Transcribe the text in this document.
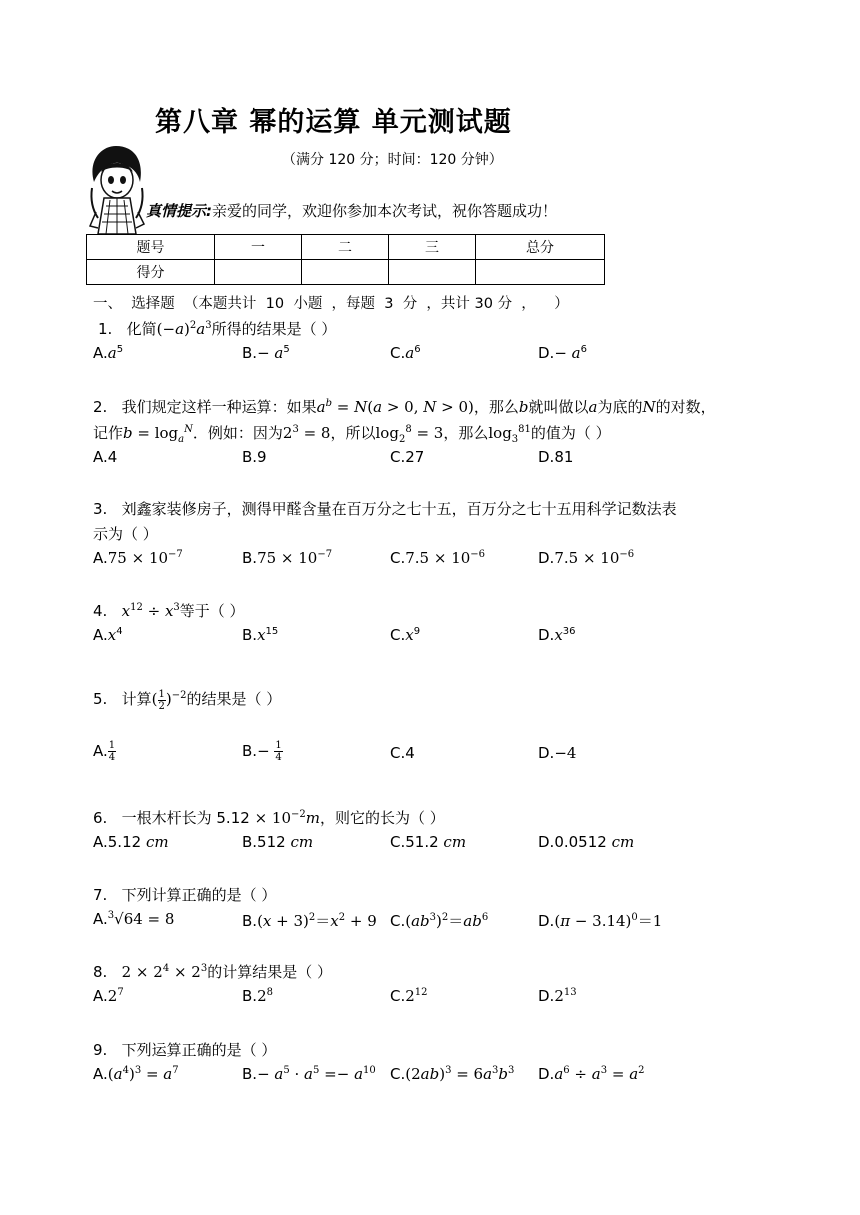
第八章 幂的运算 单元测试题
（满分 120 分；时间：120 分钟）
真情提示:亲爱的同学，欢迎你参加本次考试，祝你答题成功！
题号	一	二	三	总分
得分				
一、  选择题  （本题共计  10  小题  ，每题  3  分  ，共计 30 分  ，    ）
1. 化简$(-a)^2a^3$所得的结果是（ ）
$A.a^5$	$B.- a^5$	$C.a^6$	$D.- a^6$
2. 我们规定这样一种运算：如果$a^b = N(a > 0$, N > 0)，那么b就叫做以a为底的N的对数，
记作$b = \log_a^N$．例如：因为$2^3 = 8$，所以$\log_2^8 = 3$，那么$\log_3^{81}$的值为（ ）
A.4	B.9	C.27	D.81
3. 刘鑫家装修房子，测得甲醛含量在百万分之七十五，百万分之七十五用科学记数法表
示为（ ）
$A.75 \times 10^{-7}$	$B.75 \times 10^{-7}$	$C.7.5 \times 10^{-6}$	$D.7.5 \times 10^{-6}$
4. $x^{12} \div x^3$等于（ ）
$A.x^4$	$B.x^{15}$	$C.x^9$	$D.x^{36}$
5. 计算( $\frac{1}{2} )^{-2}$的结果是（ ）
A. $\frac{1}{4}$	$B.- \frac{1}{4}$	C.4	D.−4
6. 一根木杆长为 $5.12 \times 10^{-2}m$，则它的长为（ ）
A.5.12 cm	B.512 cm	C.51.2 cm	D.0.0512 cm
7. 下列计算正确的是（ ）
A.$^3$√64 = 8	$B.(x + 3)^2=x^2 + 9$ $C.(ab^3)^2=ab^6$	$D.(\pi - 3.14)^0=1$
8. $2 \times 2^4 \times 2^3$的计算结果是（ ）
$A.2^7$	$B.2^8$	$C.2^{12}$	$D.2^{13}$
9. 下列运算正确的是（ ）
$A.(a^4)^3 = a^7$	$B.- a^5 \cdot a^5 =- a^{10}$ $C.(2ab)^3 = 6a^3b^3$ $D.a^6 \div a^3 = a^2$
